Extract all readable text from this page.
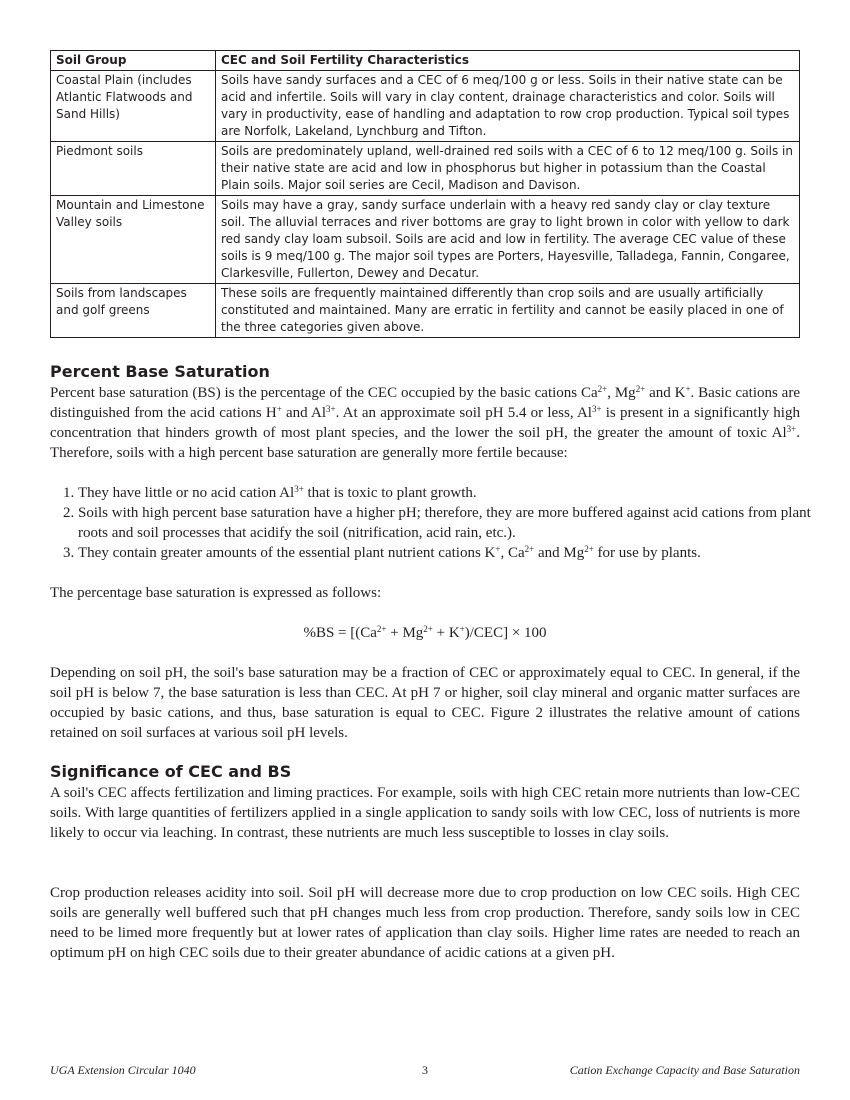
Soil Group	CEC and Soil Fertility Characteristics
Coastal Plain (includes Atlantic Flatwoods and Sand Hills)	Soils have sandy surfaces and a CEC of 6 meq/100 g or less. Soils in their native state can be acid and infertile. Soils will vary in clay content, drainage characteristics and color. Soils will vary in productivity, ease of handling and adaptation to row crop production. Typical soil types are Norfolk, Lakeland, Lynchburg and Tifton.
Piedmont soils	Soils are predominately upland, well-drained red soils with a CEC of 6 to 12 meq/100 g. Soils in their native state are acid and low in phosphorus but higher in potassium than the Coastal Plain soils. Major soil series are Cecil, Madison and Davison.
Mountain and Limestone Valley soils	Soils may have a gray, sandy surface underlain with a heavy red sandy clay or clay texture soil. The alluvial terraces and river bottoms are gray to light brown in color with yellow to dark red sandy clay loam subsoil. Soils are acid and low in fertility. The average CEC value of these soils is 9 meq/100 g. The major soil types are Porters, Hayesville, Talladega, Fannin, Congaree, Clarkesville, Fullerton, Dewey and Decatur.
Soils from landscapes and golf greens	These soils are frequently maintained differently than crop soils and are usually artificially constituted and maintained. Many are erratic in fertility and cannot be easily placed in one of the three categories given above.
Percent Base Saturation

Percent base saturation (BS) is the percentage of the CEC occupied by the basic cations $Ca^{2+}$, $Mg^{2+}$ and K+. Basic cations are distinguished from the acid cations H+ and $Al^{3+}$. At an approximate soil pH 5.4 or less, $Al^{3+}$ is present in a significantly high concentration that hinders growth of most plant species, and the lower the soil pH, the greater the amount of toxic $Al^{3+}$. Therefore, soils with a high percent base saturation are generally more fertile because:

1. They have little or no acid cation $Al^{3+}$ that is toxic to plant growth.
2. Soils with high percent base saturation have a higher pH; therefore, they are more buffered against acid cations from plant roots and soil processes that acidify the soil (nitrification, acid rain, etc.).
3. They contain greater amounts of the essential plant nutrient cations K+, $Ca^{2+}$ and $Mg^{2+}$ for use by plants.

The percentage base saturation is expressed as follows:

$\%BS = [(Ca^{2+} + Mg^{2+} + K^+)/CEC] \times 100$

Depending on soil pH, the soil's base saturation may be a fraction of CEC or approximately equal to CEC. In general, if the soil pH is below 7, the base saturation is less than CEC. At pH 7 or higher, soil clay mineral and organic matter surfaces are occupied by basic cations, and thus, base saturation is equal to CEC. Figure 2 illustrates the relative amount of cations retained on soil surfaces at various soil pH levels.

Significance of CEC and BS

A soil's CEC affects fertilization and liming practices. For example, soils with high CEC retain more nutrients than low-CEC soils. With large quantities of fertilizers applied in a single application to sandy soils with low CEC, loss of nutrients is more likely to occur via leaching. In contrast, these nutrients are much less susceptible to losses in clay soils.

Crop production releases acidity into soil. Soil pH will decrease more due to crop production on low CEC soils. High CEC soils are generally well buffered such that pH changes much less from crop production. Therefore, sandy soils low in CEC need to be limed more frequently but at lower rates of application than clay soils. Higher lime rates are needed to reach an optimum pH on high CEC soils due to their greater abundance of acidic cations at a given pH.

UGA Extension Circular 1040	3	Cation Exchange Capacity and Base Saturation
